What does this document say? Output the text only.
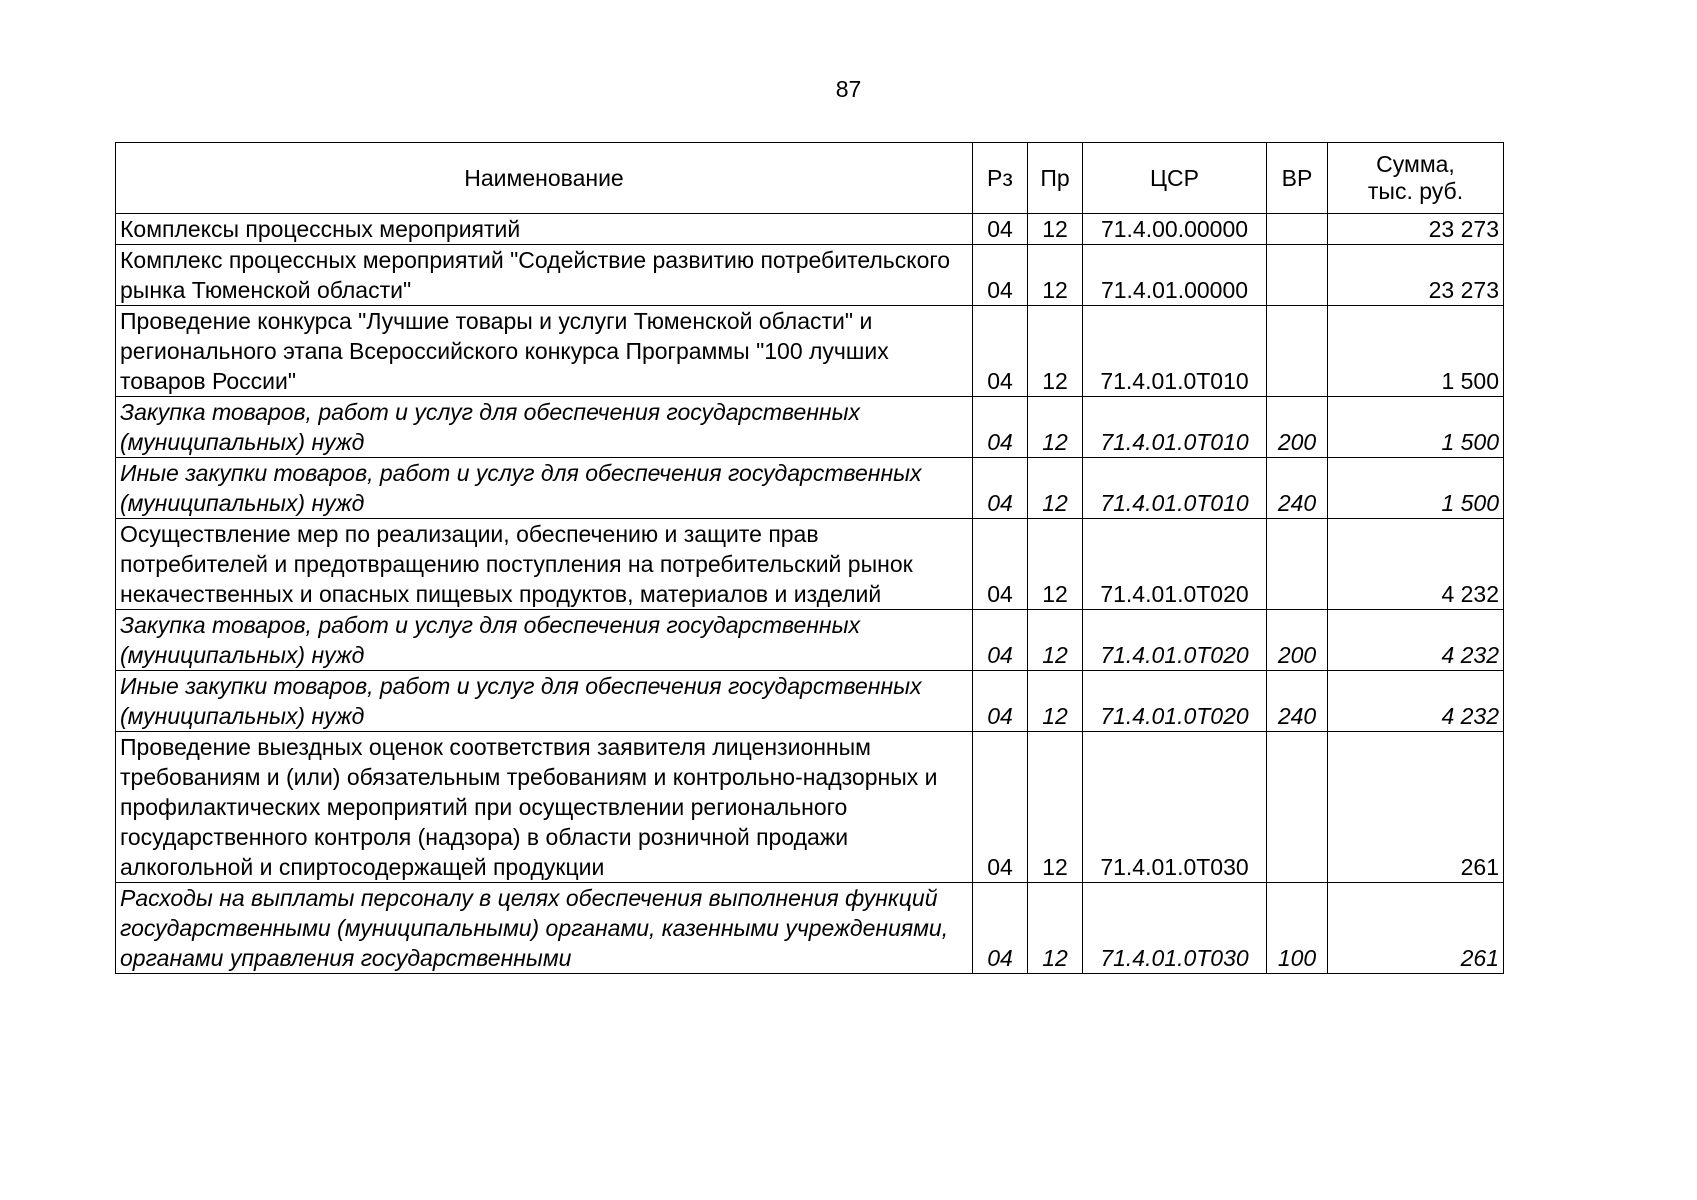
87
Наименование	Рз	Пр	ЦСР	ВР	Сумма,
тыс. руб.
Комплексы процессных мероприятий	04	12	71.4.00.00000		23 273
Комплекс процессных мероприятий "Содействие развитию потребительского рынка Тюменской области"	04	12	71.4.01.00000		23 273
Проведение конкурса "Лучшие товары и услуги Тюменской области" и регионального этапа Всероссийского конкурса Программы "100 лучших товаров России"	04	12	71.4.01.0Т010		1 500
Закупка товаров, работ и услуг для обеспечения государственных (муниципальных) нужд	04	12	71.4.01.0Т010	200	1 500
Иные закупки товаров, работ и услуг для обеспечения государственных (муниципальных) нужд	04	12	71.4.01.0Т010	240	1 500
Осуществление мер по реализации, обеспечению и защите прав потребителей и предотвращению поступления на потребительский рынок некачественных и опасных пищевых продуктов, материалов и изделий	04	12	71.4.01.0Т020		4 232
Закупка товаров, работ и услуг для обеспечения государственных (муниципальных) нужд	04	12	71.4.01.0Т020	200	4 232
Иные закупки товаров, работ и услуг для обеспечения государственных (муниципальных) нужд	04	12	71.4.01.0Т020	240	4 232
Проведение выездных оценок соответствия заявителя лицензионным требованиям и (или) обязательным требованиям и контрольно-надзорных и профилактических мероприятий при осуществлении регионального государственного контроля (надзора) в области розничной продажи алкогольной и спиртосодержащей продукции	04	12	71.4.01.0Т030		261
Расходы на выплаты персоналу в целях обеспечения выполнения функций государственными (муниципальными) органами, казенными учреждениями, органами управления государственными	04	12	71.4.01.0Т030	100	261
